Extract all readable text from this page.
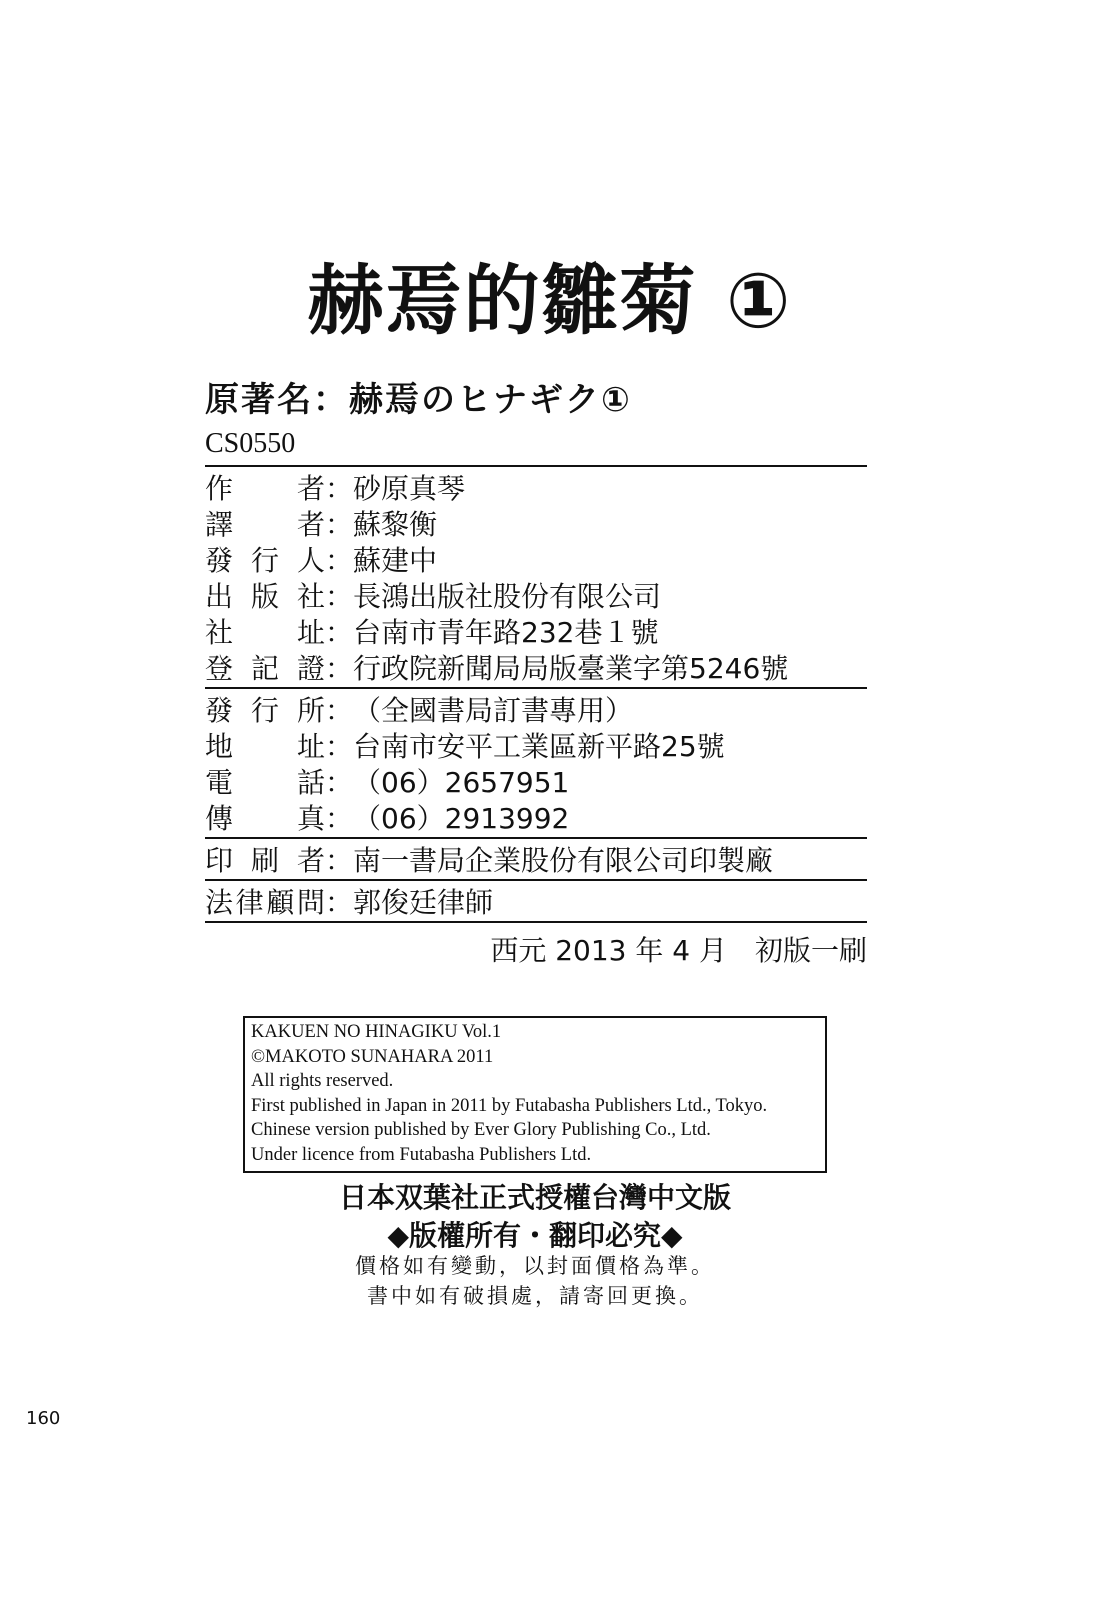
赫焉的雛菊 ①
原著名：赫焉のヒナギク①
CS0550
作 者 ： 砂原真琴
譯 者 ： 蘇黎衡
發 行 人 ： 蘇建中
出 版 社 ： 長鴻出版社股份有限公司
社 址 ： 台南市青年路232巷１號
登 記 證 ： 行政院新聞局局版臺業字第5246號
發 行 所 ： （全國書局訂書專用）
地 址 ： 台南市安平工業區新平路25號
電 話 ： （06）2657951
傳 真 ： （06）2913992
印 刷 者 ： 南一書局企業股份有限公司印製廠
法 律 顧 問 ： 郭俊廷律師
西元 2013 年 4 月　初版一刷
KAKUEN NO HINAGIKU Vol.1
©MAKOTO SUNAHARA 2011
All rights reserved.
First published in Japan in 2011 by Futabasha Publishers Ltd., Tokyo.
Chinese version published by Ever Glory Publishing Co., Ltd.
Under licence from Futabasha Publishers Ltd.
日本双葉社正式授權台灣中文版
◆版權所有・翻印必究◆
價格如有變動，以封面價格為準。
書中如有破損處，請寄回更換。
160
